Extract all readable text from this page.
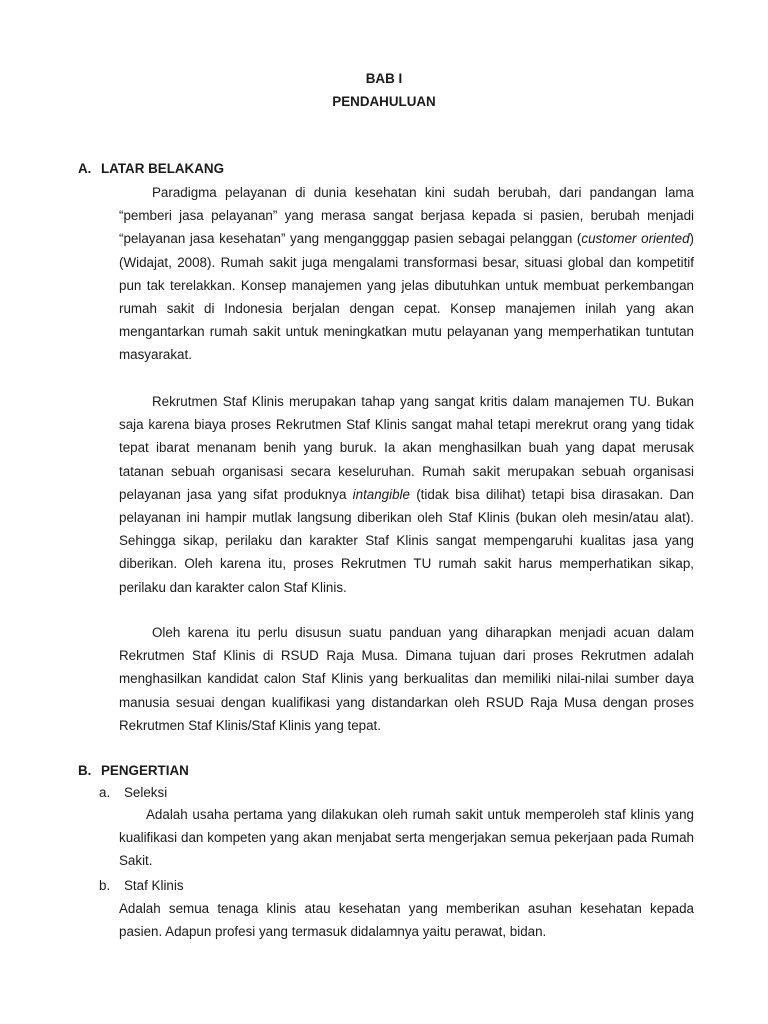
BAB I

PENDAHULUAN

A. LATAR BELAKANG

Paradigma pelayanan di dunia kesehatan kini sudah berubah, dari pandangan lama “pemberi jasa pelayanan” yang merasa sangat berjasa kepada si pasien, berubah menjadi “pelayanan jasa kesehatan” yang mengangggap pasien sebagai pelanggan (customer oriented) (Widajat, 2008). Rumah sakit juga mengalami transformasi besar, situasi global dan kompetitif pun tak terelakkan. Konsep manajemen yang jelas dibutuhkan untuk membuat perkembangan rumah sakit di Indonesia berjalan dengan cepat. Konsep manajemen inilah yang akan mengantarkan rumah sakit untuk meningkatkan mutu pelayanan yang memperhatikan tuntutan masyarakat.

Rekrutmen Staf Klinis merupakan tahap yang sangat kritis dalam manajemen TU. Bukan saja karena biaya proses Rekrutmen Staf Klinis sangat mahal tetapi merekrut orang yang tidak tepat ibarat menanam benih yang buruk. Ia akan menghasilkan buah yang dapat merusak tatanan sebuah organisasi secara keseluruhan. Rumah sakit merupakan sebuah organisasi pelayanan jasa yang sifat produknya intangible (tidak bisa dilihat) tetapi bisa dirasakan. Dan pelayanan ini hampir mutlak langsung diberikan oleh Staf Klinis (bukan oleh mesin/atau alat). Sehingga sikap, perilaku dan karakter Staf Klinis sangat mempengaruhi kualitas jasa yang diberikan. Oleh karena itu, proses Rekrutmen TU rumah sakit harus memperhatikan sikap, perilaku dan karakter calon Staf Klinis.

Oleh karena itu perlu disusun suatu panduan yang diharapkan menjadi acuan dalam Rekrutmen Staf Klinis di RSUD Raja Musa. Dimana tujuan dari proses Rekrutmen adalah menghasilkan kandidat calon Staf Klinis yang berkualitas dan memiliki nilai-nilai sumber daya manusia sesuai dengan kualifikasi yang distandarkan oleh RSUD Raja Musa dengan proses Rekrutmen Staf Klinis/Staf Klinis yang tepat.

B. PENGERTIAN

a. Seleksi

Adalah usaha pertama yang dilakukan oleh rumah sakit untuk memperoleh staf klinis yang kualifikasi dan kompeten yang akan menjabat serta mengerjakan semua pekerjaan pada Rumah Sakit.

b. Staf Klinis

Adalah semua tenaga klinis atau kesehatan yang memberikan asuhan kesehatan kepada pasien. Adapun profesi yang termasuk didalamnya yaitu perawat, bidan.
